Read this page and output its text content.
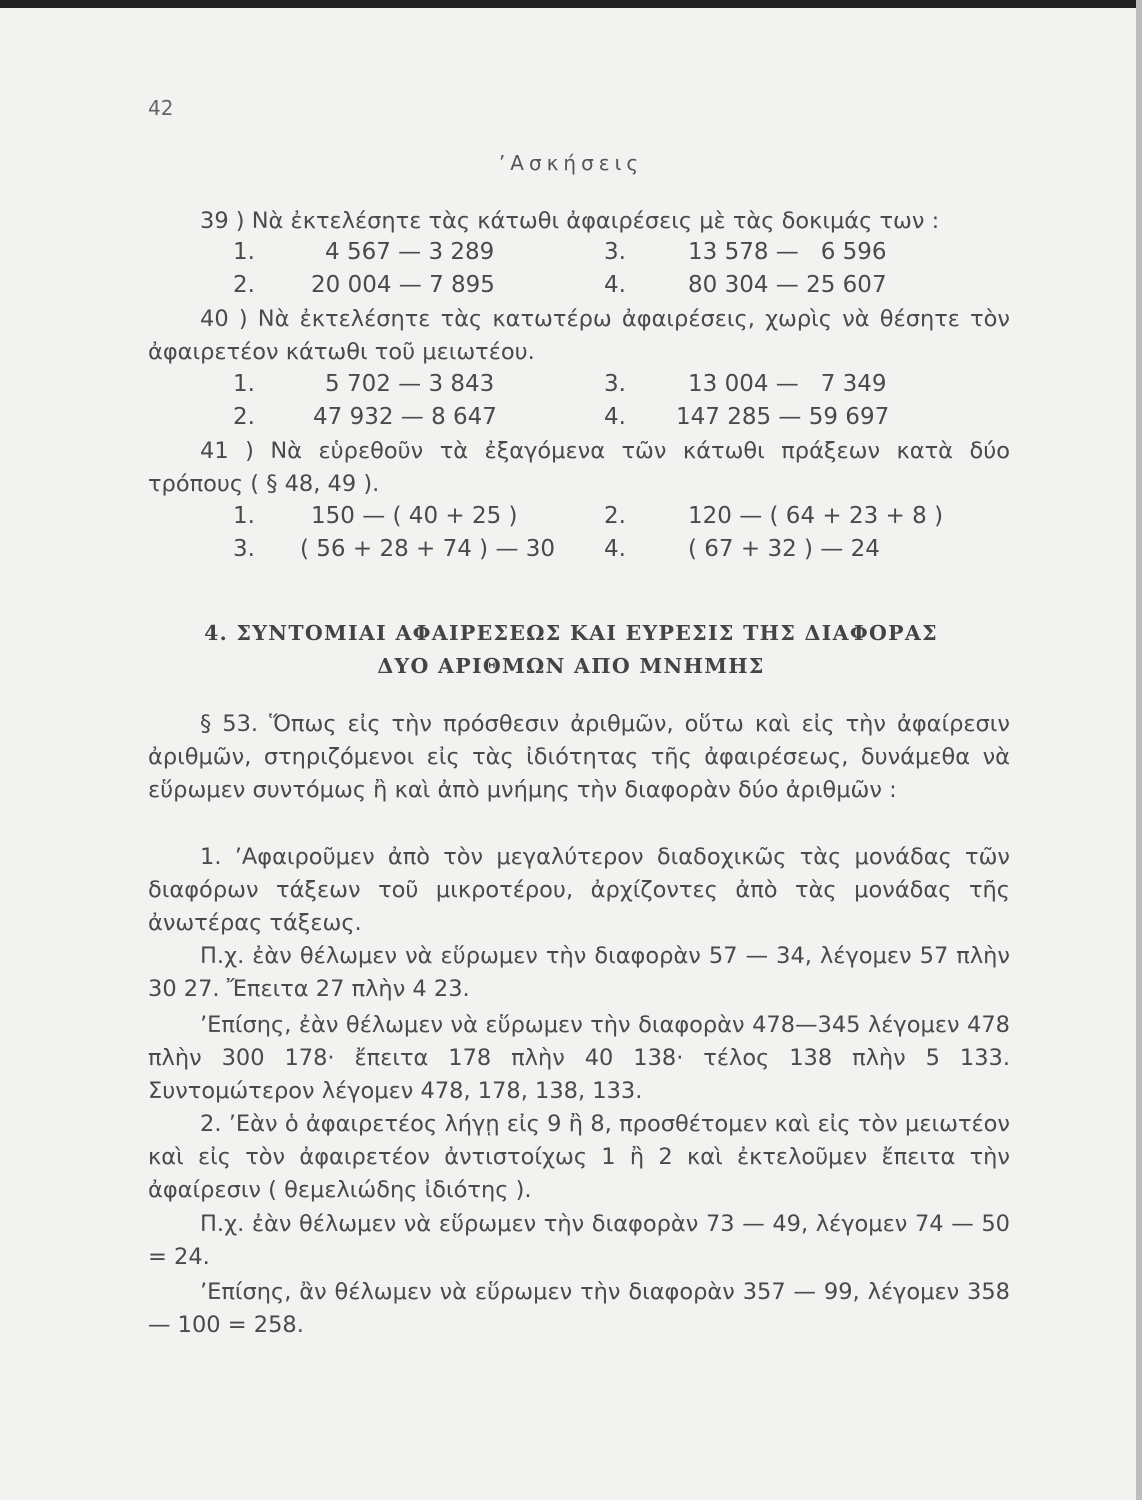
42
’Ασκήσεις
39 ) Νὰ ἐκτελέσητε τὰς κάτωθι ἀφαιρέσεις μὲ τὰς δοκιμάς των :
1.	4 567 — 3 289	3.	13 578 —   6 596
2. 20 004 — 7 895	4.	80 304 — 25 607
40 ) Νὰ ἐκτελέσητε τὰς κατωτέρω ἀφαιρέσεις, χωρὶς νὰ θέσητε τὸν ἀφαιρετέον κάτωθι τοῦ μειωτέου.
1.	5 702 — 3 843	3.	13 004 —   7 349
2.	47 932 — 8 647	4. 147 285 — 59 697
41 ) Νὰ εὑρεθοῦν τὰ ἐξαγόμενα τῶν κάτωθι πράξεων κατὰ δύο τρόπους ( § 48, 49 ).
1. 150 — ( 40 + 25 )	2.	120 — ( 64 + 23 + 8 )
3. ( 56 + 28 + 74 ) — 30 4.	( 67 + 32 ) — 24
4. ΣΥΝΤΟΜΙΑΙ ΑΦΑΙΡΕΣΕΩΣ ΚΑΙ ΕΥΡΕΣΙΣ ΤΗΣ ΔΙΑΦΟΡΑΣ
ΔΥΟ ΑΡΙΘΜΩΝ ΑΠΟ ΜΝΗΜΗΣ
§ 53. Ὅπως εἰς τὴν πρόσθεσιν ἀριθμῶν, οὕτω καὶ εἰς τὴν ἀφαίρεσιν ἀριθμῶν, στηριζόμενοι εἰς τὰς ἰδιότητας τῆς ἀφαιρέσεως, δυνάμεθα νὰ εὕρωμεν συντόμως ἢ καὶ ἀπὸ μνήμης τὴν διαφορὰν δύο ἀριθμῶν :
1. ’Αφαιροῦμεν ἀπὸ τὸν μεγαλύτερον διαδοχικῶς τὰς μονάδας τῶν διαφόρων τάξεων τοῦ μικροτέρου, ἀρχίζοντες ἀπὸ τὰς μονάδας τῆς ἀνωτέρας τάξεως.
Π.χ. ἐὰν θέλωμεν νὰ εὕρωμεν τὴν διαφορὰν 57 — 34, λέγομεν 57 πλὴν 30 27. Ἔπειτα 27 πλὴν 4 23.
’Επίσης, ἐὰν θέλωμεν νὰ εὕρωμεν τὴν διαφορὰν 478—345 λέγομεν 478 πλὴν 300 178· ἔπειτα 178 πλὴν 40 138· τέλος 138 πλὴν 5 133. Συντομώτερον λέγομεν 478, 178, 138, 133.
2. ’Εὰν ὁ ἀφαιρετέος λήγῃ εἰς 9 ἢ 8, προσθέτομεν καὶ εἰς τὸν μειωτέον καὶ εἰς τὸν ἀφαιρετέον ἀντιστοίχως 1 ἢ 2 καὶ ἐκτελοῦμεν ἔπειτα τὴν ἀφαίρεσιν ( θεμελιώδης ἰδιότης ).
Π.χ. ἐὰν θέλωμεν νὰ εὕρωμεν τὴν διαφορὰν 73 — 49, λέγομεν 74 — 50 = 24.
’Επίσης, ἂν θέλωμεν νὰ εὕρωμεν τὴν διαφορὰν 357 — 99, λέγομεν 358 — 100 = 258.
